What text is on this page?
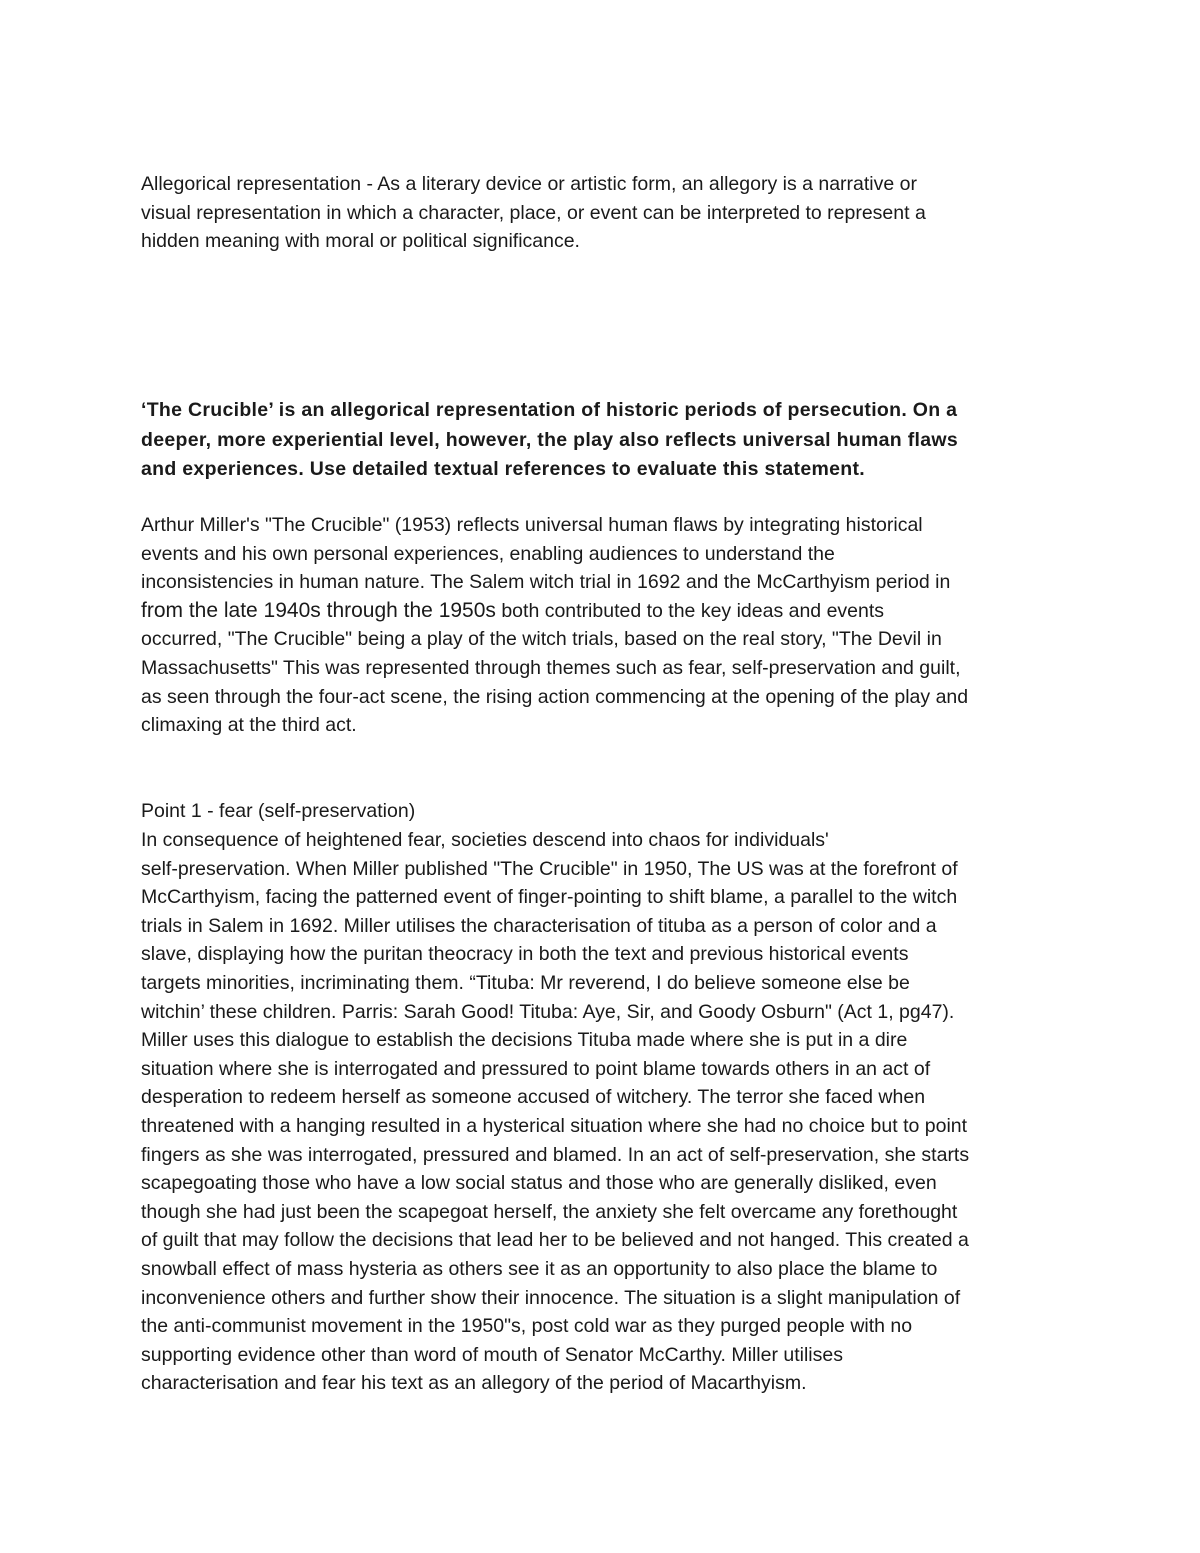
Allegorical representation - As a literary device or artistic form, an allegory is a narrative or
visual representation in which a character, place, or event can be interpreted to represent a
hidden meaning with moral or political significance.

‘The Crucible’ is an allegorical representation of historic periods of persecution. On a
deeper, more experiential level, however, the play also reflects universal human flaws
and experiences. Use detailed textual references to evaluate this statement.

Arthur Miller's "The Crucible" (1953) reflects universal human flaws by integrating historical
events and his own personal experiences, enabling audiences to understand the
inconsistencies in human nature. The Salem witch trial in 1692 and the McCarthyism period in
from the late 1940s through the 1950s both contributed to the key ideas and events
occurred, "The Crucible" being a play of the witch trials, based on the real story, "The Devil in
Massachusetts" This was represented through themes such as fear, self-preservation and guilt,
as seen through the four-act scene, the rising action commencing at the opening of the play and
climaxing at the third act.

Point 1 - fear (self-preservation)

In consequence of heightened fear, societies descend into chaos for individuals'
self-preservation. When Miller published "The Crucible" in 1950, The US was at the forefront of
McCarthyism, facing the patterned event of finger-pointing to shift blame, a parallel to the witch
trials in Salem in 1692. Miller utilises the characterisation of tituba as a person of color and a
slave, displaying how the puritan theocracy in both the text and previous historical events
targets minorities, incriminating them. “Tituba: Mr reverend, I do believe someone else be
witchin’ these children. Parris: Sarah Good! Tituba: Aye, Sir, and Goody Osburn" (Act 1, pg47).
Miller uses this dialogue to establish the decisions Tituba made where she is put in a dire
situation where she is interrogated and pressured to point blame towards others in an act of
desperation to redeem herself as someone accused of witchery. The terror she faced when
threatened with a hanging resulted in a hysterical situation where she had no choice but to point
fingers as she was interrogated, pressured and blamed. In an act of self-preservation, she starts
scapegoating those who have a low social status and those who are generally disliked, even
though she had just been the scapegoat herself, the anxiety she felt overcame any forethought
of guilt that may follow the decisions that lead her to be believed and not hanged. This created a
snowball effect of mass hysteria as others see it as an opportunity to also place the blame to
inconvenience others and further show their innocence. The situation is a slight manipulation of
the anti-communist movement in the 1950"s, post cold war as they purged people with no
supporting evidence other than word of mouth of Senator McCarthy. Miller utilises
characterisation and fear his text as an allegory of the period of Macarthyism.
